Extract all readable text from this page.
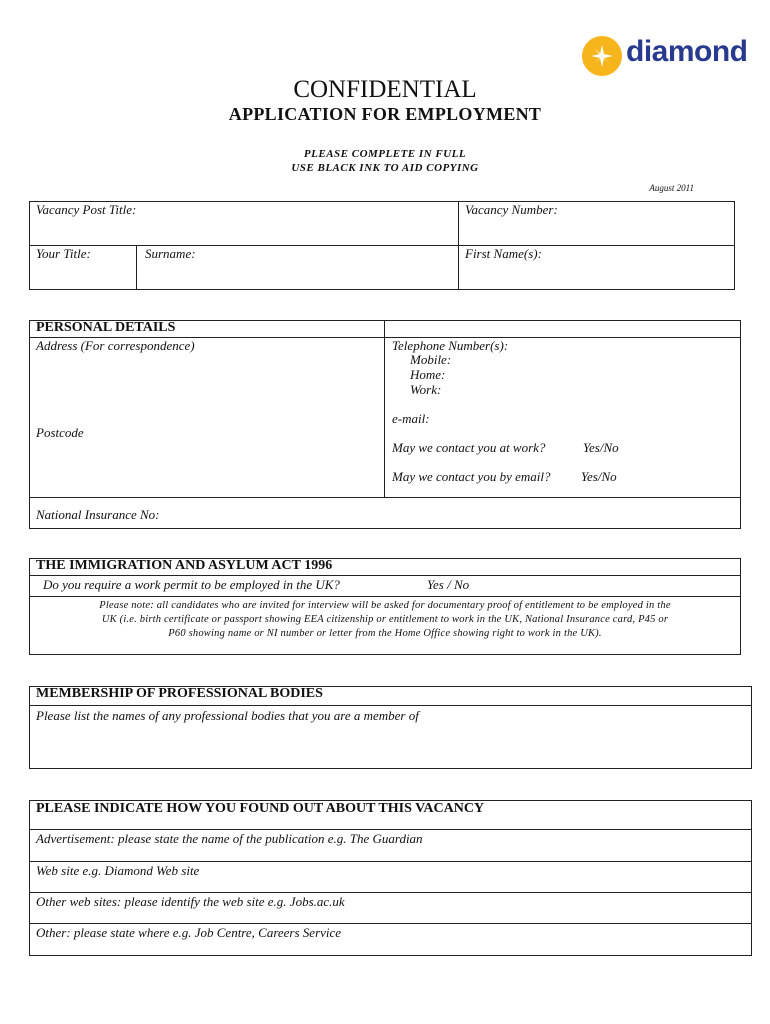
diamond
CONFIDENTIAL
APPLICATION FOR EMPLOYMENT
PLEASE COMPLETE IN FULL
USE BLACK INK TO AID COPYING
August 2011
Vacancy Post Title:	Vacancy Number:
Your Title:	Surname:	First Name(s):
PERSONAL DETAILS
Address (For correspondence)
Postcode
Telephone Number(s):
Mobile:
Home:
Work:
e-mail:
May we contact you at work?	Yes/No
May we contact you by email? Yes/No
National Insurance No:
THE IMMIGRATION AND ASYLUM ACT 1996
Do you require a work permit to be employed in the UK?	Yes / No
Please note: all candidates who are invited for interview will be asked for documentary proof of entitlement to be employed in the
UK (i.e. birth certificate or passport showing EEA citizenship or entitlement to work in the UK, National Insurance card, P45 or
P60 showing name or NI number or letter from the Home Office showing right to work in the UK).
MEMBERSHIP OF PROFESSIONAL BODIES
Please list the names of any professional bodies that you are a member of
PLEASE INDICATE HOW YOU FOUND OUT ABOUT THIS VACANCY
Advertisement: please state the name of the publication e.g. The Guardian
Web site e.g. Diamond Web site
Other web sites: please identify the web site e.g. Jobs.ac.uk
Other: please state where e.g. Job Centre, Careers Service
